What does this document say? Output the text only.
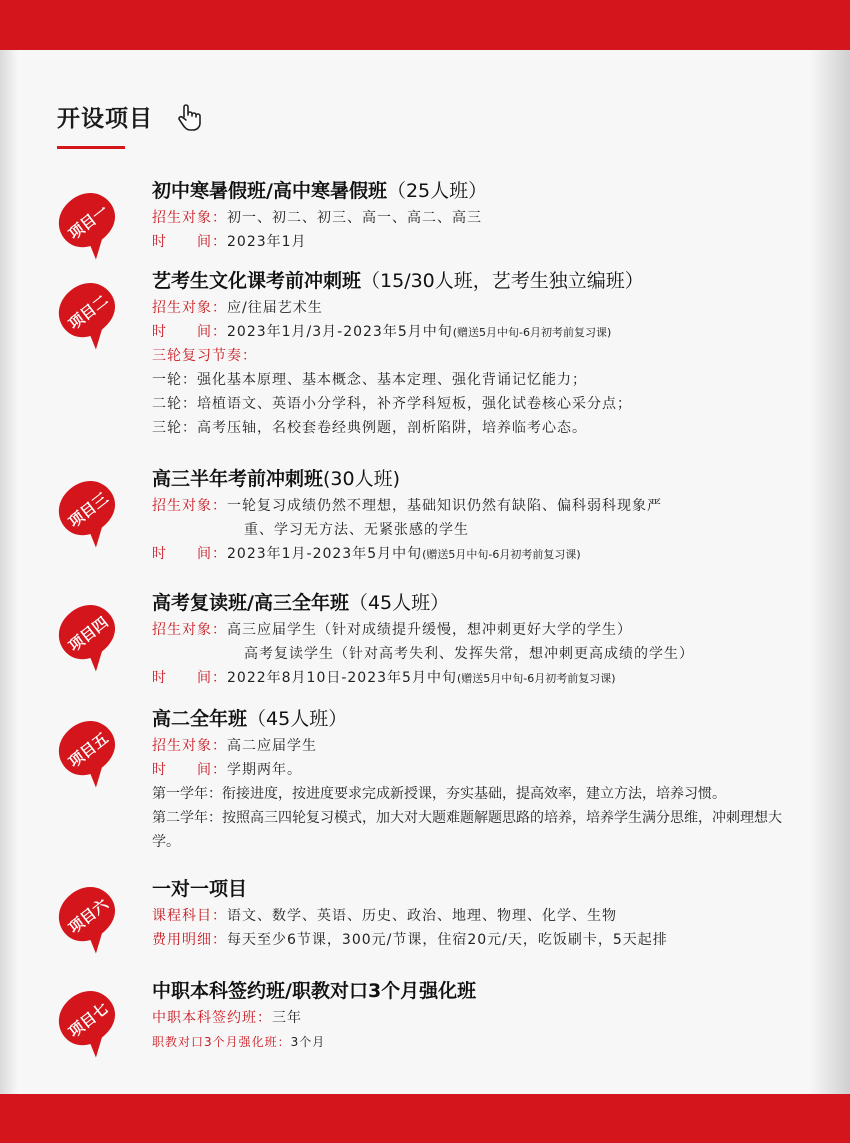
开设项目
项目一
项目二
项目三
项目四
项目五
项目六
项目七
初中寒暑假班/高中寒暑假班（25人班）
招生对象：初一、初二、初三、高一、高二、高三
时　　间：2023年1月
艺考生文化课考前冲刺班（15/30人班，艺考生独立编班）
招生对象：应/往届艺术生
时　　间：2023年1月/3月-2023年5月中旬(赠送5月中旬-6月初考前复习课)
三轮复习节奏：
一轮：强化基本原理、基本概念、基本定理、强化背诵记忆能力；
二轮：培植语文、英语小分学科，补齐学科短板，强化试卷核心采分点；
三轮：高考压轴，名校套卷经典例题，剖析陷阱，培养临考心态。
高三半年考前冲刺班(30人班)
招生对象：一轮复习成绩仍然不理想，基础知识仍然有缺陷、偏科弱科现象严
重、学习无方法、无紧张感的学生
时　　间：2023年1月-2023年5月中旬(赠送5月中旬-6月初考前复习课)
高考复读班/高三全年班（45人班）
招生对象：高三应届学生（针对成绩提升缓慢，想冲刺更好大学的学生）
高考复读学生（针对高考失利、发挥失常，想冲刺更高成绩的学生）
时　　间：2022年8月10日-2023年5月中旬(赠送5月中旬-6月初考前复习课)
高二全年班（45人班）
招生对象：高二应届学生
时　　间：学期两年。
第一学年：衔接进度，按进度要求完成新授课，夯实基础，提高效率，建立方法，培养习惯。
第二学年：按照高三四轮复习模式，加大对大题难题解题思路的培养，培养学生满分思维，冲刺理想大学。
一对一项目
课程科目：语文、数学、英语、历史、政治、地理、物理、化学、生物
费用明细：每天至少6节课，300元/节课，住宿20元/天，吃饭刷卡，5天起排
中职本科签约班/职教对口3个月强化班
中职本科签约班：三年
职教对口3个月强化班：3个月
